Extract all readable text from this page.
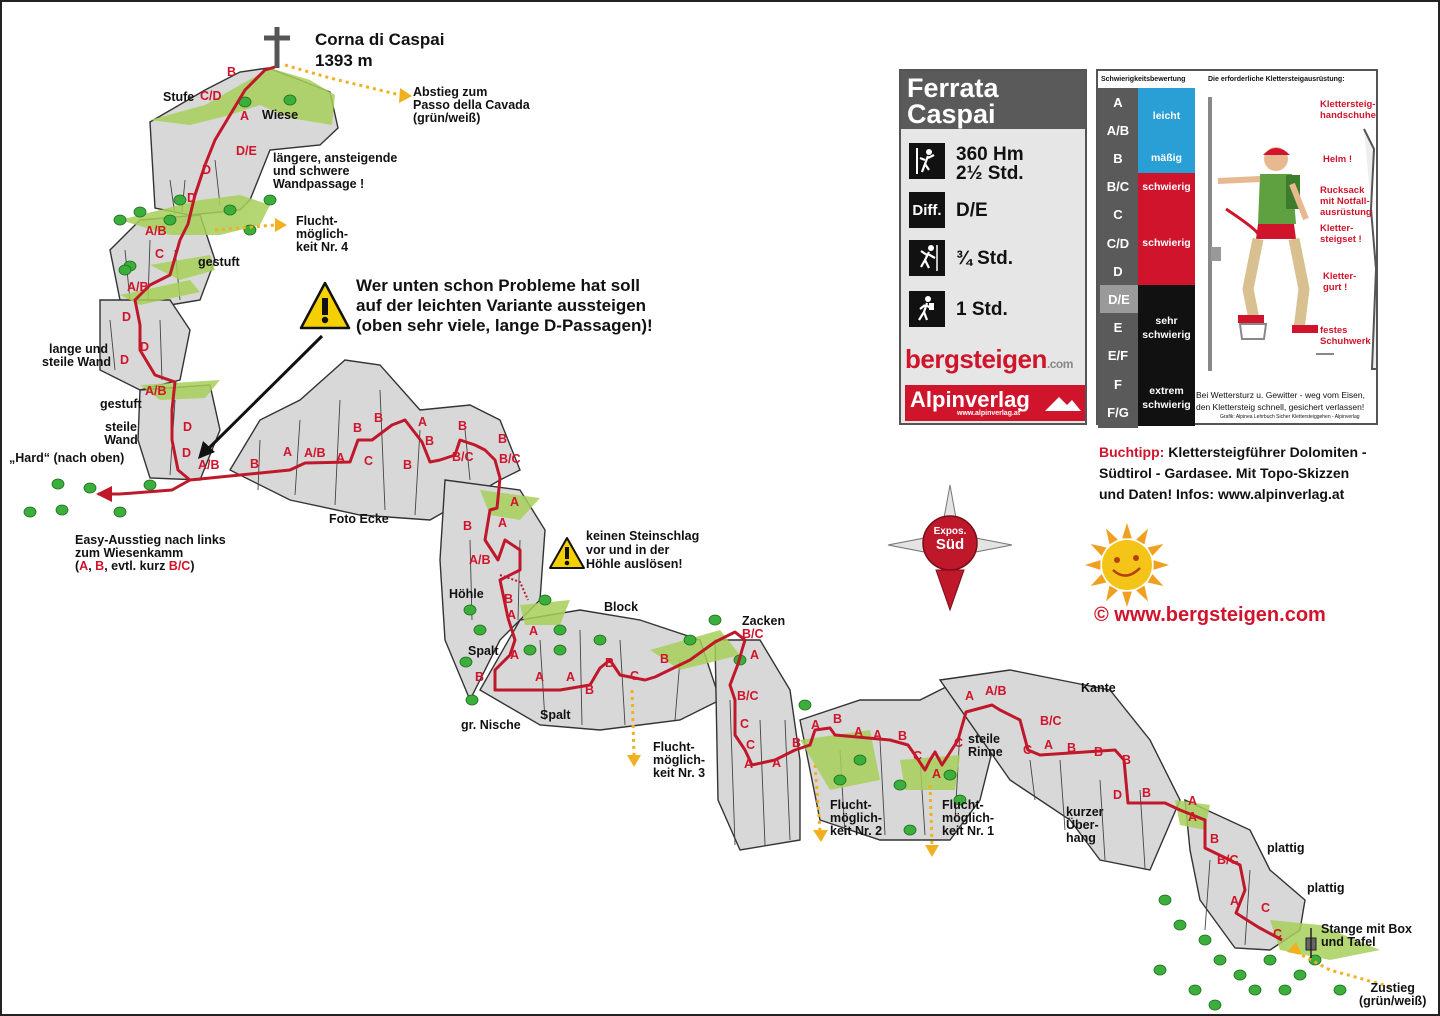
B
C/D
A
D/E
D
D
A/B
C
A/B
D
D
D
A/B
D
D
A/B B
A A/B A
B
B
C
A
B
B
B
B/C
B
B/C
A
A
B
A/B
B
A
A
A
B	A A
B
B
C
B
B/C
A
B/C
C
C
A A
B
A B
A A B
C
A
C
A A/B
B/C
C A B B
B
D B
A
A
B
B/C
A C
C
Corna di Caspai
1393 m
Abstieg zum
Passo della Cavada
(grün/weiß)
Stufe
Wiese
längere, ansteigende
und schwere
Wandpassage !
Flucht-
möglich-
keit Nr. 4
gestuft
lange und
steile Wand
gestuft
steile
Wand
„Hard“ (nach oben)
Easy-Ausstieg nach links
zum Wiesenkamm
(A, B, evtl. kurz B/C)
Foto Ecke
Höhle
Block
Spalt
Spalt
gr. Nische
Flucht-
möglich-
keit Nr. 3
Zacken
Flucht-
möglich-
keit Nr. 2
Flucht-
möglich-
keit Nr. 1
steile
Rinne
Kante
kurzer
Über-
hang
plattig
plattig
Stange mit Box
und Tafel
Zustieg
(grün/weiß)
Wer unten schon Probleme hat soll
auf der leichten Variante aussteigen
(oben sehr viele, lange D-Passagen)!
keinen Steinschlag
vor und in der
Höhle auslösen!
Expos.
Süd
Ferrata
Caspai
360 Hm
2½ Std.
Diff. D/E
¾ Std.
1 Std.
bergsteigen.com
Alpinverlag
www.alpinverlag.at
Schwierigkeitsbewertung	Die erforderliche Klettersteigausrüstung:
Bei Wettersturz u. Gewitter - weg vom Eisen,
den Klettersteig schnell, gesichert verlassen!
Grafik: Alpinea Lehrbuch Sicher Klettersteiggehen - Alpinverlag
A
A/B
B
B/C
C
C/D
D
D/E
E
E/F
F
F/G
leicht
mäßig
schwierig
schwierig
sehr
schwierig
extrem
schwierig
Klettersteig-
handschuhe
Helm !
Rucksack
mit Notfall-
ausrüstung
Kletter-
steigset !
Kletter-
gurt !
festes
Schuhwerk
Buchtipp: Klettersteigführer Dolomiten -
Südtirol - Gardasee. Mit Topo-Skizzen
und Daten! Infos: www.alpinverlag.at
© www.bergsteigen.com
